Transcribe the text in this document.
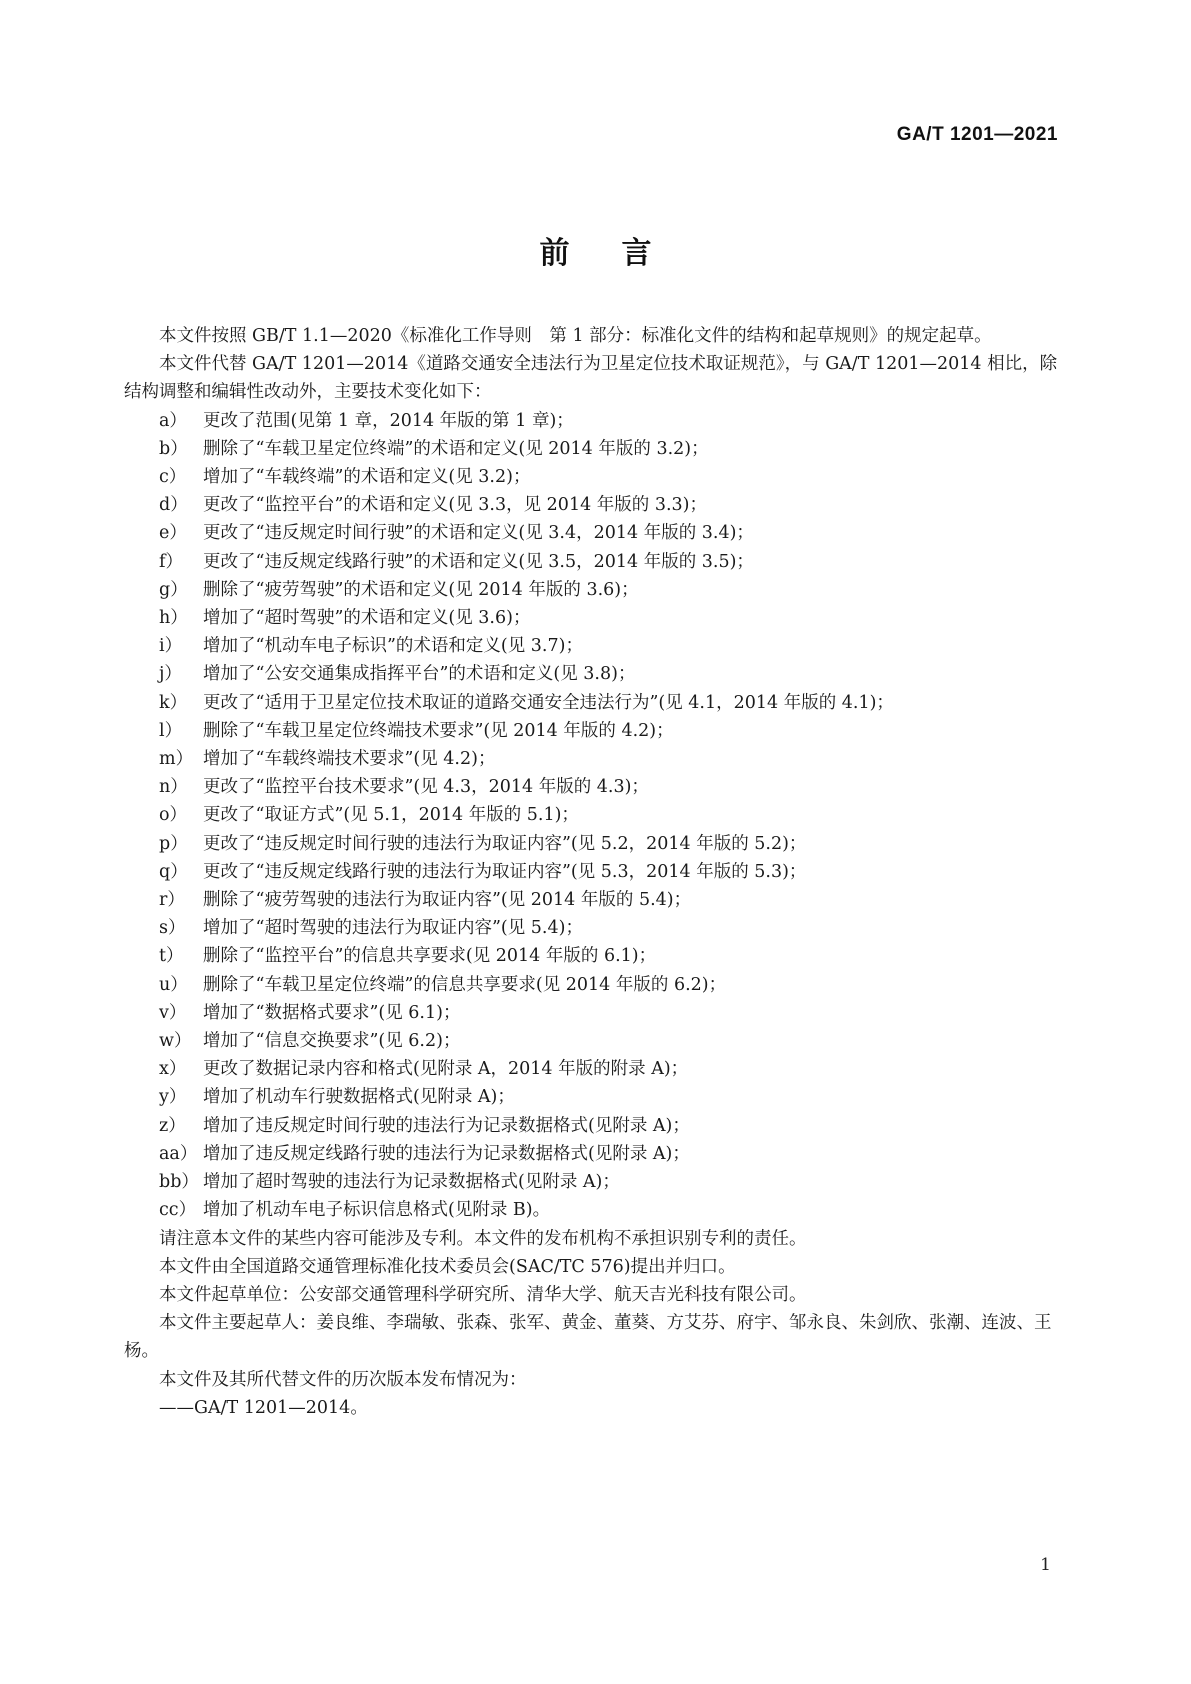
GA/T 1201—2021
前 言

本文件按照 GB/T 1.1—2020《标准化工作导则　第 1 部分：标准化文件的结构和起草规则》的规定起草。

本文件代替 GA/T 1201—2014《道路交通安全违法行为卫星定位技术取证规范》，与 GA/T 1201—2014 相比，除结构调整和编辑性改动外，主要技术变化如下：

a） 更改了范围(见第 1 章，2014 年版的第 1 章)；
b） 删除了“车载卫星定位终端”的术语和定义(见 2014 年版的 3.2)；
c） 增加了“车载终端”的术语和定义(见 3.2)；
d） 更改了“监控平台”的术语和定义(见 3.3，见 2014 年版的 3.3)；
e） 更改了“违反规定时间行驶”的术语和定义(见 3.4，2014 年版的 3.4)；
f） 更改了“违反规定线路行驶”的术语和定义(见 3.5，2014 年版的 3.5)；
g） 删除了“疲劳驾驶”的术语和定义(见 2014 年版的 3.6)；
h） 增加了“超时驾驶”的术语和定义(见 3.6)；
i） 增加了“机动车电子标识”的术语和定义(见 3.7)；
j） 增加了“公安交通集成指挥平台”的术语和定义(见 3.8)；
k） 更改了“适用于卫星定位技术取证的道路交通安全违法行为”(见 4.1，2014 年版的 4.1)；
l） 删除了“车载卫星定位终端技术要求”(见 2014 年版的 4.2)；
m） 增加了“车载终端技术要求”(见 4.2)；
n） 更改了“监控平台技术要求”(见 4.3，2014 年版的 4.3)；
o） 更改了“取证方式”(见 5.1，2014 年版的 5.1)；
p） 更改了“违反规定时间行驶的违法行为取证内容”(见 5.2，2014 年版的 5.2)；
q） 更改了“违反规定线路行驶的违法行为取证内容”(见 5.3，2014 年版的 5.3)；
r） 删除了“疲劳驾驶的违法行为取证内容”(见 2014 年版的 5.4)；
s） 增加了“超时驾驶的违法行为取证内容”(见 5.4)；
t） 删除了“监控平台”的信息共享要求(见 2014 年版的 6.1)；
u） 删除了“车载卫星定位终端”的信息共享要求(见 2014 年版的 6.2)；
v） 增加了“数据格式要求”(见 6.1)；
w） 增加了“信息交换要求”(见 6.2)；
x） 更改了数据记录内容和格式(见附录 A，2014 年版的附录 A)；
y） 增加了机动车行驶数据格式(见附录 A)；
z） 增加了违反规定时间行驶的违法行为记录数据格式(见附录 A)；
aa） 增加了违反规定线路行驶的违法行为记录数据格式(见附录 A)；
bb） 增加了超时驾驶的违法行为记录数据格式(见附录 A)；
cc） 增加了机动车电子标识信息格式(见附录 B)。

请注意本文件的某些内容可能涉及专利。本文件的发布机构不承担识别专利的责任。

本文件由全国道路交通管理标准化技术委员会(SAC/TC 576)提出并归口。

本文件起草单位：公安部交通管理科学研究所、清华大学、航天吉光科技有限公司。

本文件主要起草人：姜良维、李瑞敏、张森、张军、黄金、董葵、方艾芬、府宇、邹永良、朱剑欣、张潮、连波、王杨。

本文件及其所代替文件的历次版本发布情况为：

——GA/T 1201—2014。

1
